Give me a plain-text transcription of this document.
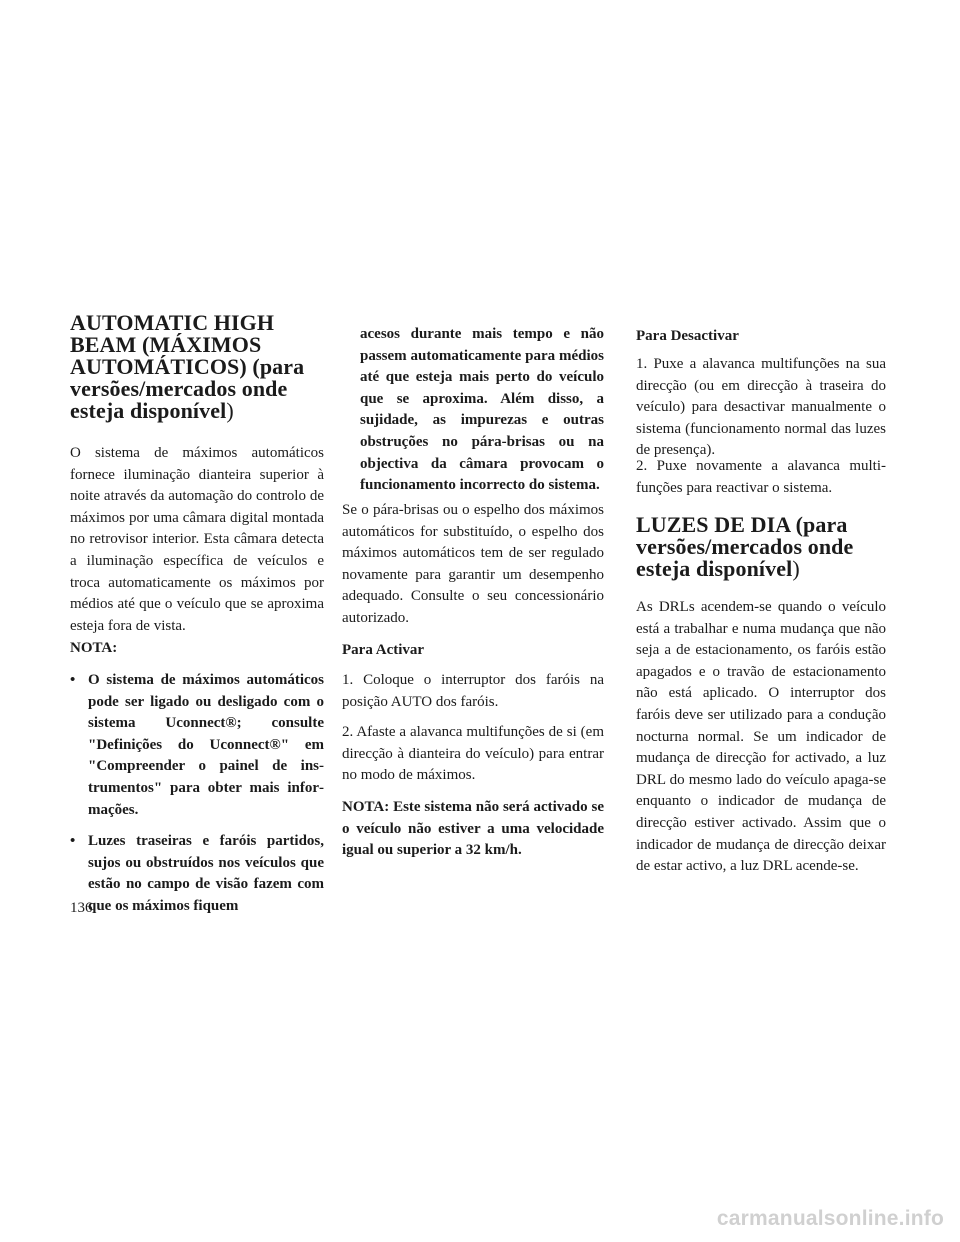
AUTOMATIC HIGH
BEAM (MÁXIMOS
AUTOMÁTICOS) (para
versões/mercados onde
esteja disponível)

O sistema de máximos automáticos fornece iluminação dianteira superior à noite através da automação do controlo de máximos por uma câmara digital montada no retrovisor interior. Esta câmara detecta a iluminação específica de veículos e troca automaticamente os máximos por médios até que o veículo que se aproxima esteja fora de vista.

NOTA:

• O sistema de máximos automáticos pode ser ligado ou desligado com o sistema Uconnect®; consulte "Definições do Uconnect®" em "Compreender o painel de instrumentos" para obter mais informações.
• Luzes traseiras e faróis partidos, sujos ou obstruídos nos veículos que estão no campo de visão fazem com que os máximos fiquem

acesos durante mais tempo e não passem automaticamente para médios até que esteja mais perto do veículo que se aproxima. Além disso, a sujidade, as impurezas e outras obstruções no pára-brisas ou na objectiva da câmara provocam o funcionamento incorrecto do sistema.

Se o pára-brisas ou o espelho dos máximos automáticos for substituído, o espelho dos máximos automáticos tem de ser regulado novamente para garantir um desempenho adequado. Consulte o seu concessionário autorizado.

Para Activar

1. Coloque o interruptor dos faróis na posição AUTO dos faróis.

2. Afaste a alavanca multifunções de si (em direcção à dianteira do veículo) para entrar no modo de máximos.

NOTA: Este sistema não será activado se o veículo não estiver a uma velocidade igual ou superior a 32 km/h.

Para Desactivar

1. Puxe a alavanca multifunções na sua direcção (ou em direcção à traseira do veículo) para desactivar manualmente o sistema (funcionamento normal das luzes de presença).

2. Puxe novamente a alavanca multifunções para reactivar o sistema.

LUZES DE DIA (para
versões/mercados onde
esteja disponível)

As DRLs acendem-se quando o veículo está a trabalhar e numa mudança que não seja a de estacionamento, os faróis estão apagados e o travão de estacionamento não está aplicado. O interruptor dos faróis deve ser utilizado para a condução nocturna normal. Se um indicador de mudança de direcção for activado, a luz DRL do mesmo lado do veículo apaga-se enquanto o indicador de mudança de direcção estiver activado. Assim que o indicador de mudança de direcção deixar de estar activo, a luz DRL acende-se.

136
carmanualsonline.info
